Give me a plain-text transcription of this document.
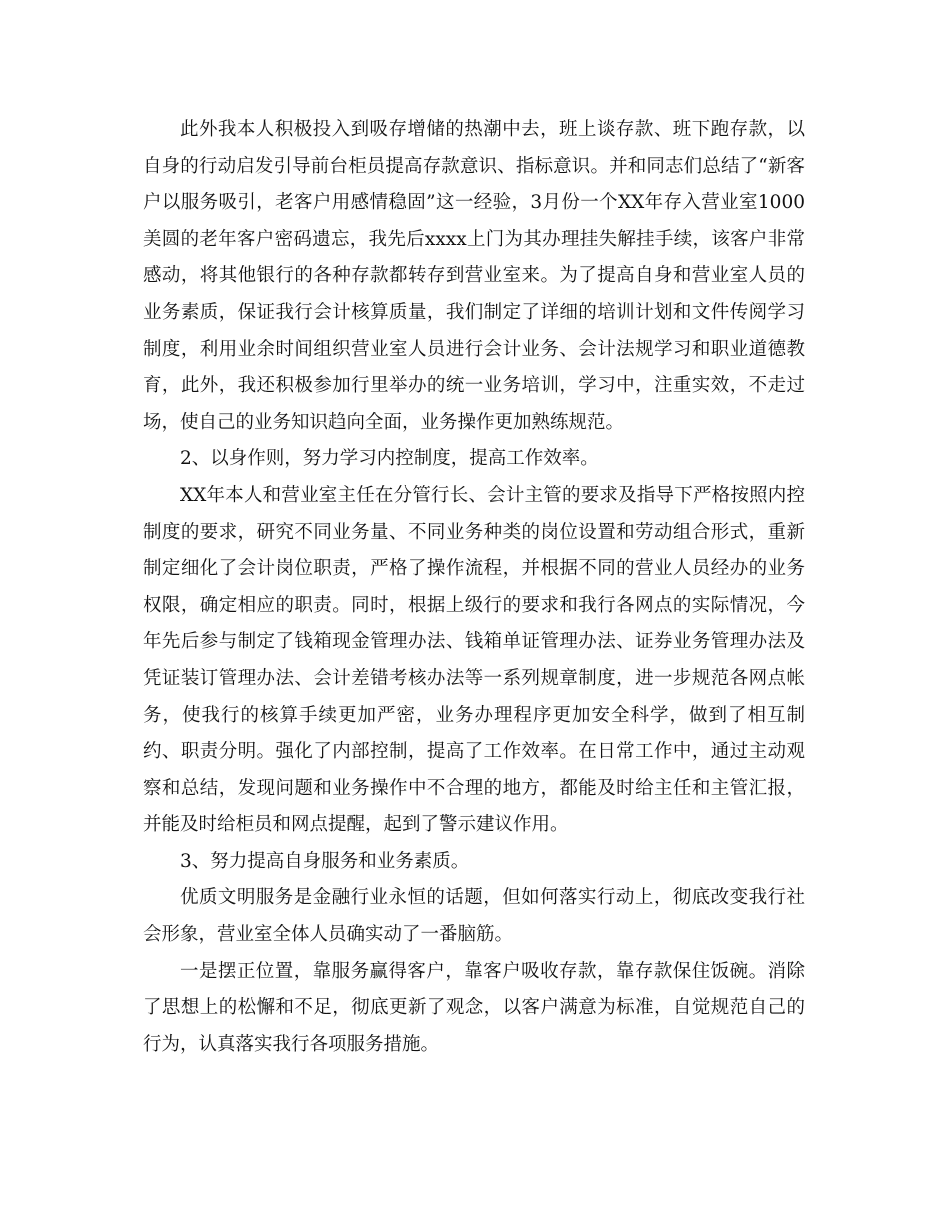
此外我本人积极投入到吸存增储的热潮中去，班上谈存款、班下跑存款，以自身的行动启发引导前台柜员提高存款意识、指标意识。并和同志们总结了“新客户以服务吸引，老客户用感情稳固”这一经验，3月份一个XX年存入营业室1000美圆的老年客户密码遗忘，我先后xxxx上门为其办理挂失解挂手续，该客户非常感动，将其他银行的各种存款都转存到营业室来。为了提高自身和营业室人员的业务素质，保证我行会计核算质量，我们制定了详细的培训计划和文件传阅学习制度，利用业余时间组织营业室人员进行会计业务、会计法规学习和职业道德教育，此外，我还积极参加行里举办的统一业务培训，学习中，注重实效，不走过场，使自己的业务知识趋向全面，业务操作更加熟练规范。

2、以身作则，努力学习内控制度，提高工作效率。

XX年本人和营业室主任在分管行长、会计主管的要求及指导下严格按照内控制度的要求，研究不同业务量、不同业务种类的岗位设置和劳动组合形式，重新制定细化了会计岗位职责，严格了操作流程，并根据不同的营业人员经办的业务权限，确定相应的职责。同时，根据上级行的要求和我行各网点的实际情况，今年先后参与制定了钱箱现金管理办法、钱箱单证管理办法、证券业务管理办法及凭证装订管理办法、会计差错考核办法等一系列规章制度，进一步规范各网点帐务，使我行的核算手续更加严密，业务办理程序更加安全科学，做到了相互制约、职责分明。强化了内部控制，提高了工作效率。在日常工作中，通过主动观察和总结，发现问题和业务操作中不合理的地方，都能及时给主任和主管汇报，并能及时给柜员和网点提醒，起到了警示建议作用。

3、努力提高自身服务和业务素质。

优质文明服务是金融行业永恒的话题，但如何落实行动上，彻底改变我行社会形象，营业室全体人员确实动了一番脑筋。

一是摆正位置，靠服务赢得客户，靠客户吸收存款，靠存款保住饭碗。消除了思想上的松懈和不足，彻底更新了观念，以客户满意为标准，自觉规范自己的行为，认真落实我行各项服务措施。
